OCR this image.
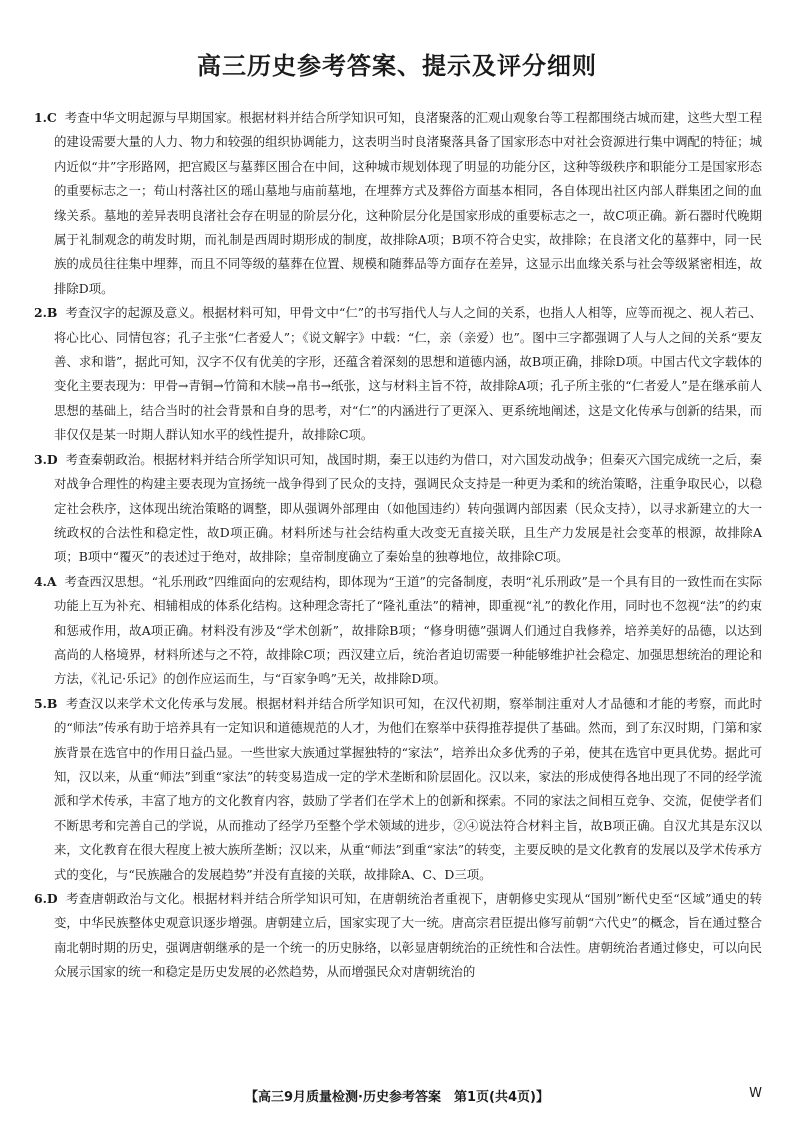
高三历史参考答案、提示及评分细则

1.C 考查中华文明起源与早期国家。根据材料并结合所学知识可知，良渚聚落的汇观山观象台等工程都围绕古城而建，这些大型工程的建设需要大量的人力、物力和较强的组织协调能力，这表明当时良渚聚落具备了国家形态中对社会资源进行集中调配的特征；城内近似“井”字形路网，把宫殿区与墓葬区围合在中间，这种城市规划体现了明显的功能分区，这种等级秩序和职能分工是国家形态的重要标志之一；荀山村落社区的瑶山墓地与庙前墓地，在埋葬方式及葬俗方面基本相同，各自体现出社区内部人群集团之间的血缘关系。墓地的差异表明良渚社会存在明显的阶层分化，这种阶层分化是国家形成的重要标志之一，故C项正确。新石器时代晚期属于礼制观念的萌发时期，而礼制是西周时期形成的制度，故排除A项；B项不符合史实，故排除；在良渚文化的墓葬中，同一民族的成员往往集中埋葬，而且不同等级的墓葬在位置、规模和随葬品等方面存在差异，这显示出血缘关系与社会等级紧密相连，故排除D项。

2.B 考查汉字的起源及意义。根据材料可知，甲骨文中“仁”的书写指代人与人之间的关系，也指人人相等，应等而视之、视人若己、将心比心、同情包容；孔子主张“仁者爱人”；《说文解字》中载：“仁，亲（亲爱）也”。图中三字都强调了人与人之间的关系“要友善、求和谐”，据此可知，汉字不仅有优美的字形，还蕴含着深刻的思想和道德内涵，故B项正确，排除D项。中国古代文字载体的变化主要表现为：甲骨→青铜→竹简和木牍→帛书→纸张，这与材料主旨不符，故排除A项；孔子所主张的“仁者爱人”是在继承前人思想的基础上，结合当时的社会背景和自身的思考，对“仁”的内涵进行了更深入、更系统地阐述，这是文化传承与创新的结果，而非仅仅是某一时期人群认知水平的线性提升，故排除C项。

3.D 考查秦朝政治。根据材料并结合所学知识可知，战国时期，秦王以违约为借口，对六国发动战争；但秦灭六国完成统一之后，秦对战争合理性的构建主要表现为宣扬统一战争得到了民众的支持，强调民众支持是一种更为柔和的统治策略，注重争取民心，以稳定社会秩序，这体现出统治策略的调整，即从强调外部理由（如他国违约）转向强调内部因素（民众支持），以寻求新建立的大一统政权的合法性和稳定性，故D项正确。材料所述与社会结构重大改变无直接关联，且生产力发展是社会变革的根源，故排除A项；B项中“覆灭”的表述过于绝对，故排除；皇帝制度确立了秦始皇的独尊地位，故排除C项。

4.A 考查西汉思想。“礼乐刑政”四维面向的宏观结构，即体现为“王道”的完备制度，表明“礼乐刑政”是一个具有目的一致性而在实际功能上互为补充、相辅相成的体系化结构。这种理念寄托了“隆礼重法”的精神，即重视“礼”的教化作用，同时也不忽视“法”的约束和惩戒作用，故A项正确。材料没有涉及“学术创新”，故排除B项；“修身明德”强调人们通过自我修养，培养美好的品德，以达到高尚的人格境界，材料所述与之不符，故排除C项；西汉建立后，统治者迫切需要一种能够维护社会稳定、加强思想统治的理论和方法，《礼记·乐记》的创作应运而生，与“百家争鸣”无关，故排除D项。

5.B 考查汉以来学术文化传承与发展。根据材料并结合所学知识可知，在汉代初期，察举制注重对人才品德和才能的考察，而此时的“师法”传承有助于培养具有一定知识和道德规范的人才，为他们在察举中获得推荐提供了基础。然而，到了东汉时期，门第和家族背景在选官中的作用日益凸显。一些世家大族通过掌握独特的“家法”，培养出众多优秀的子弟，使其在选官中更具优势。据此可知，汉以来，从重“师法”到重“家法”的转变易造成一定的学术垄断和阶层固化。汉以来，家法的形成使得各地出现了不同的经学流派和学术传承，丰富了地方的文化教育内容，鼓励了学者们在学术上的创新和探索。不同的家法之间相互竞争、交流，促使学者们不断思考和完善自己的学说，从而推动了经学乃至整个学术领域的进步，②④说法符合材料主旨，故B项正确。自汉尤其是东汉以来，文化教育在很大程度上被大族所垄断；汉以来，从重“师法”到重“家法”的转变，主要反映的是文化教育的发展以及学术传承方式的变化，与“民族融合的发展趋势”并没有直接的关联，故排除A、C、D三项。

6.D 考查唐朝政治与文化。根据材料并结合所学知识可知，在唐朝统治者重视下，唐朝修史实现从“国别”断代史至“区域”通史的转变，中华民族整体史观意识逐步增强。唐朝建立后，国家实现了大一统。唐高宗君臣提出修写前朝“六代史”的概念，旨在通过整合南北朝时期的历史，强调唐朝继承的是一个统一的历史脉络，以彰显唐朝统治的正统性和合法性。唐朝统治者通过修史，可以向民众展示国家的统一和稳定是历史发展的必然趋势，从而增强民众对唐朝统治的

【高三9月质量检测·历史参考答案　第1页(共4页)】	W
